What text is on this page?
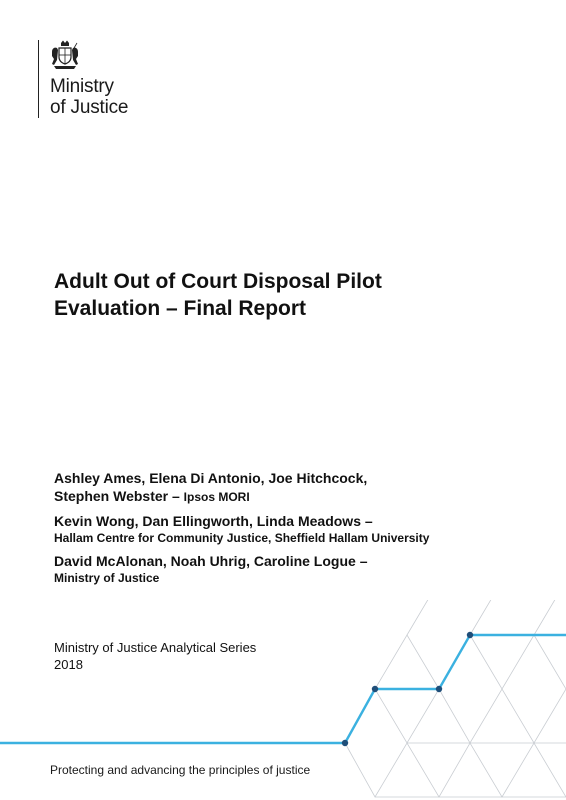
Ministry
of Justice
Adult Out of Court Disposal Pilot
Evaluation – Final Report
Ashley Ames, Elena Di Antonio, Joe Hitchcock,
Stephen Webster – Ipsos MORI
Kevin Wong, Dan Ellingworth, Linda Meadows –
Hallam Centre for Community Justice, Sheffield Hallam University
David McAlonan, Noah Uhrig, Caroline Logue –
Ministry of Justice
Ministry of Justice Analytical Series
2018
Protecting and advancing the principles of justice
